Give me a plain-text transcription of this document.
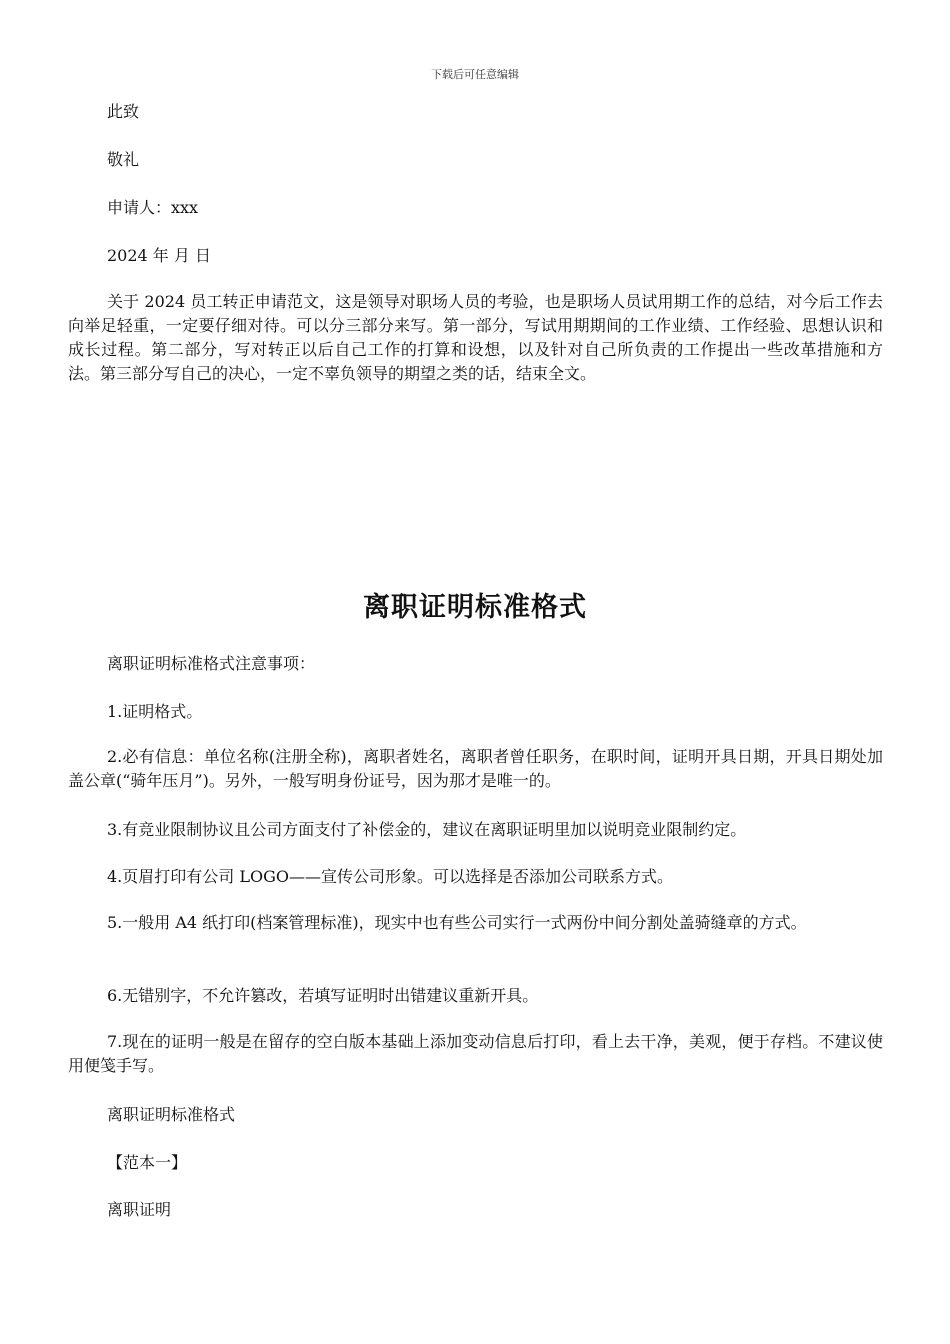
下载后可任意编辑

此致

敬礼

申请人：xxx

2024 年 月 日

关于 2024 员工转正申请范文，这是领导对职场人员的考验，也是职场人员试用期工作的总结，对今后工作去向举足轻重，一定要仔细对待。可以分三部分来写。第一部分，写试用期期间的工作业绩、工作经验、思想认识和成长过程。第二部分，写对转正以后自己工作的打算和设想，以及针对自己所负责的工作提出一些改革措施和方法。第三部分写自己的决心，一定不辜负领导的期望之类的话，结束全文。

离职证明标准格式

离职证明标准格式注意事项：

1.证明格式。

2.必有信息：单位名称(注册全称)，离职者姓名，离职者曾任职务，在职时间，证明开具日期，开具日期处加盖公章(“骑年压月”)。另外，一般写明身份证号，因为那才是唯一的。

3.有竞业限制协议且公司方面支付了补偿金的，建议在离职证明里加以说明竞业限制约定。

4.页眉打印有公司 LOGO——宣传公司形象。可以选择是否添加公司联系方式。

5.一般用 A4 纸打印(档案管理标准)，现实中也有些公司实行一式两份中间分割处盖骑缝章的方式。

6.无错别字，不允许篡改，若填写证明时出错建议重新开具。

7.现在的证明一般是在留存的空白版本基础上添加变动信息后打印，看上去干净，美观，便于存档。不建议使用便笺手写。

离职证明标准格式

【范本一】

离职证明
